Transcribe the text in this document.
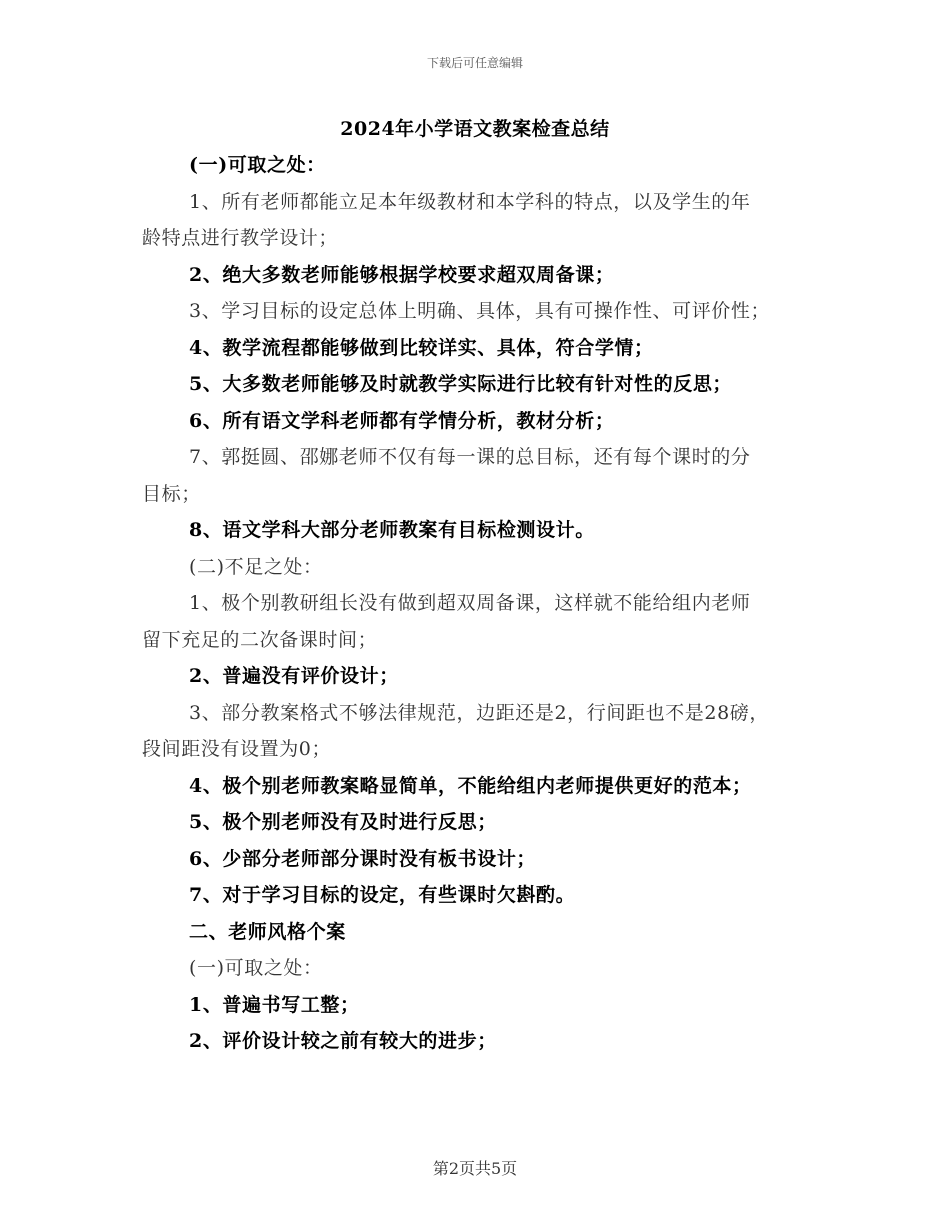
下载后可任意编辑
2024年小学语文教案检查总结
(一)可取之处：
1、所有老师都能立足本年级教材和本学科的特点，以及学生的年
龄特点进行教学设计；
2、绝大多数老师能够根据学校要求超双周备课；
3、学习目标的设定总体上明确、具体，具有可操作性、可评价性；
4、教学流程都能够做到比较详实、具体，符合学情；
5、大多数老师能够及时就教学实际进行比较有针对性的反思；
6、所有语文学科老师都有学情分析，教材分析；
7、郭挺圆、邵娜老师不仅有每一课的总目标，还有每个课时的分
目标；
8、语文学科大部分老师教案有目标检测设计。
(二)不足之处：
1、极个别教研组长没有做到超双周备课，这样就不能给组内老师
留下充足的二次备课时间；
2、普遍没有评价设计；
3、部分教案格式不够法律规范，边距还是2，行间距也不是28磅，
段间距没有设置为0；
4、极个别老师教案略显简单，不能给组内老师提供更好的范本；
5、极个别老师没有及时进行反思；
6、少部分老师部分课时没有板书设计；
7、对于学习目标的设定，有些课时欠斟酌。
二、老师风格个案
(一)可取之处：
1、普遍书写工整；
2、评价设计较之前有较大的进步；
第2页共5页
